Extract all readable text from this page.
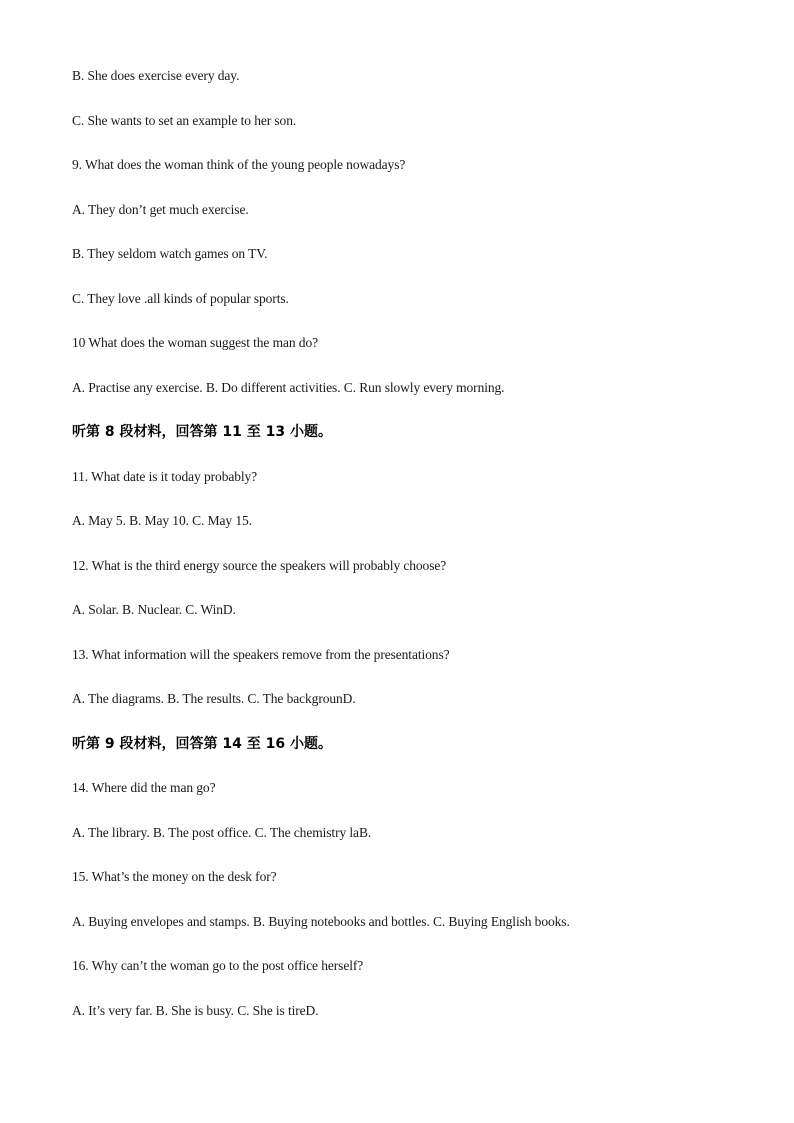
B. She does exercise every day.
C. She wants to set an example to her son.
9. What does the woman think of the young people nowadays?
A. They don’t get much exercise.
B. They seldom watch games on TV.
C. They love .all kinds of popular sports.
10 What does the woman suggest the man do?
A. Practise any exercise. B. Do different activities. C. Run slowly every morning.
听第 8 段材料，回答第 11 至 13 小题。
11. What date is it today probably?
A. May 5. B. May 10. C. May 15.
12. What is the third energy source the speakers will probably choose?
A. Solar. B. Nuclear. C. WinD.
13. What information will the speakers remove from the presentations?
A. The diagrams. B. The results. C. The backgrounD.
听第 9 段材料，回答第 14 至 16 小题。
14. Where did the man go?
A. The library. B. The post office. C. The chemistry laB.
15. What’s the money on the desk for?
A. Buying envelopes and stamps. B. Buying notebooks and bottles. C. Buying English books.
16. Why can’t the woman go to the post office herself?
A. It’s very far. B. She is busy. C. She is tireD.
